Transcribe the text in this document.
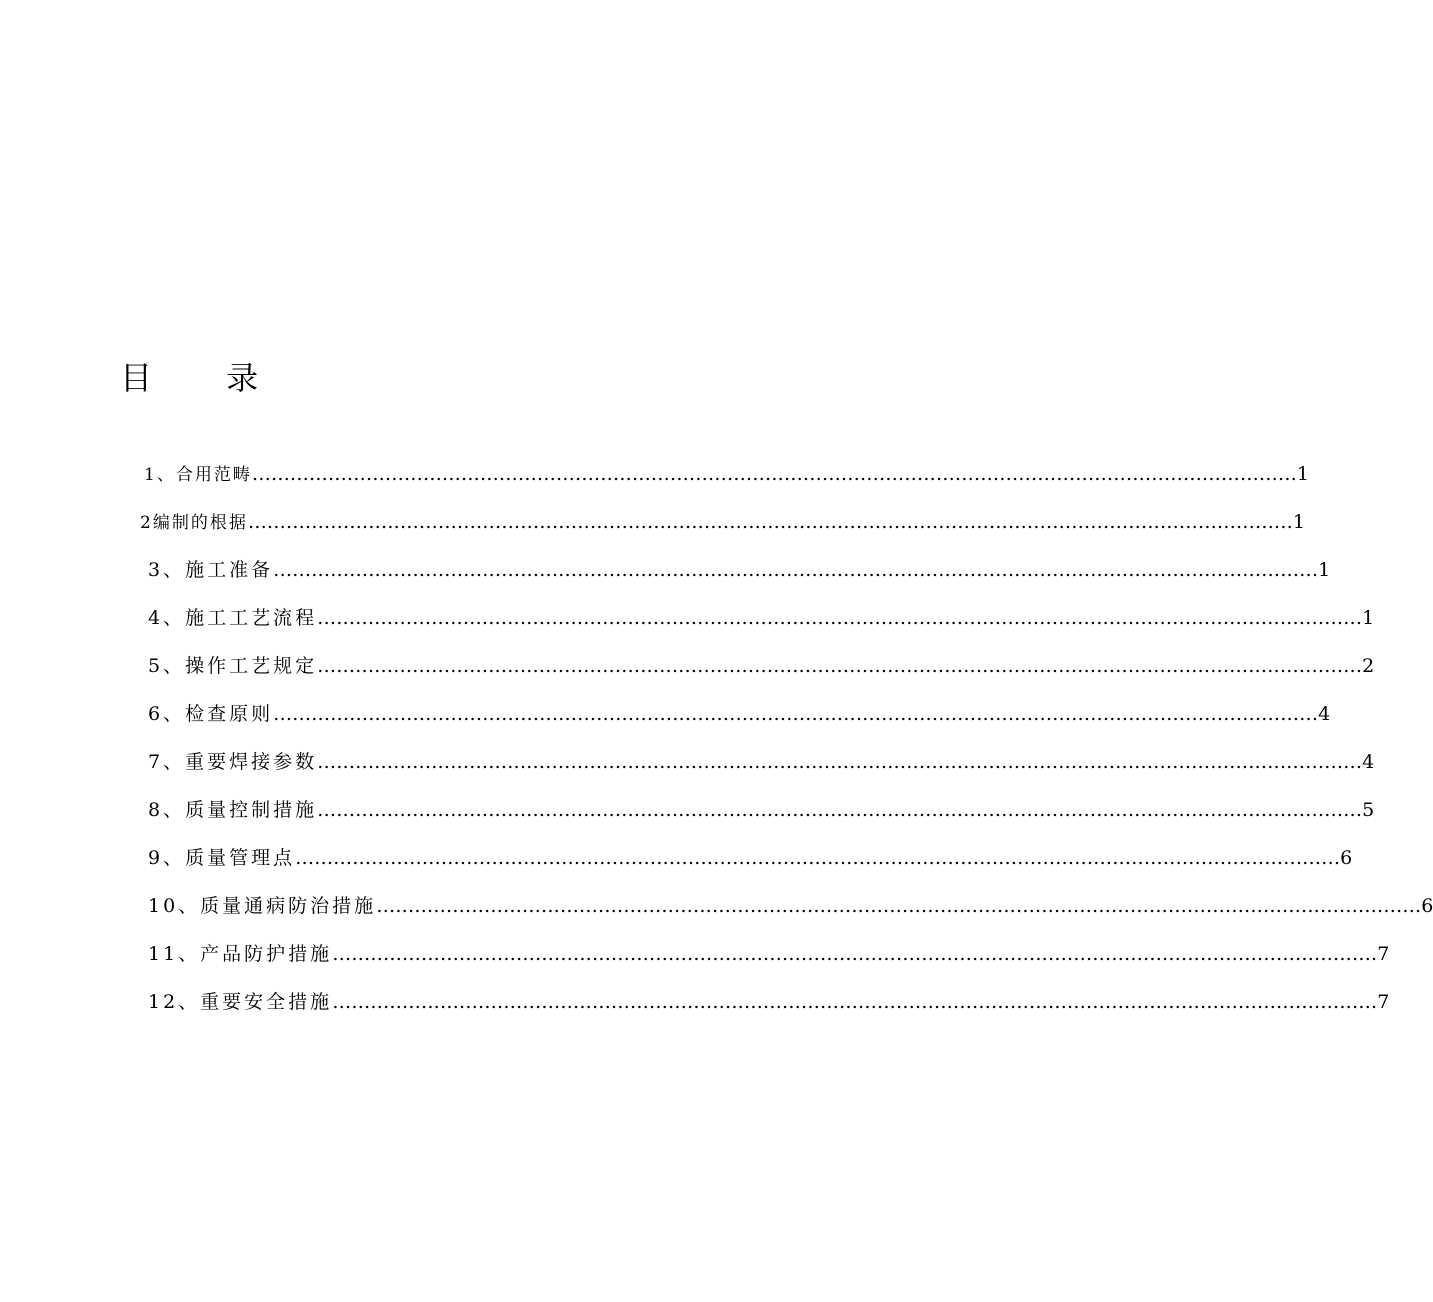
目 录
1、合用范畴 ………………………………………………………………………………………………………………………………………………… 1
2编制的根据 ………………………………………………………………………………………………………………………………………………… 1
3、施工准备 ………………………………………………………………………………………………………………………………………………… 1
4、施工工艺流程 ………………………………………………………………………………………………………………………………………………… 1
5、操作工艺规定 ………………………………………………………………………………………………………………………………………………… 2
6、检查原则 ………………………………………………………………………………………………………………………………………………… 4
7、重要焊接参数 ………………………………………………………………………………………………………………………………………………… 4
8、质量控制措施 ………………………………………………………………………………………………………………………………………………… 5
9、质量管理点 ………………………………………………………………………………………………………………………………………………… 6
10、质量通病防治措施 ………………………………………………………………………………………………………………………………………………… 6
11、产品防护措施 ………………………………………………………………………………………………………………………………………………… 7
12、重要安全措施 ………………………………………………………………………………………………………………………………………………… 7
